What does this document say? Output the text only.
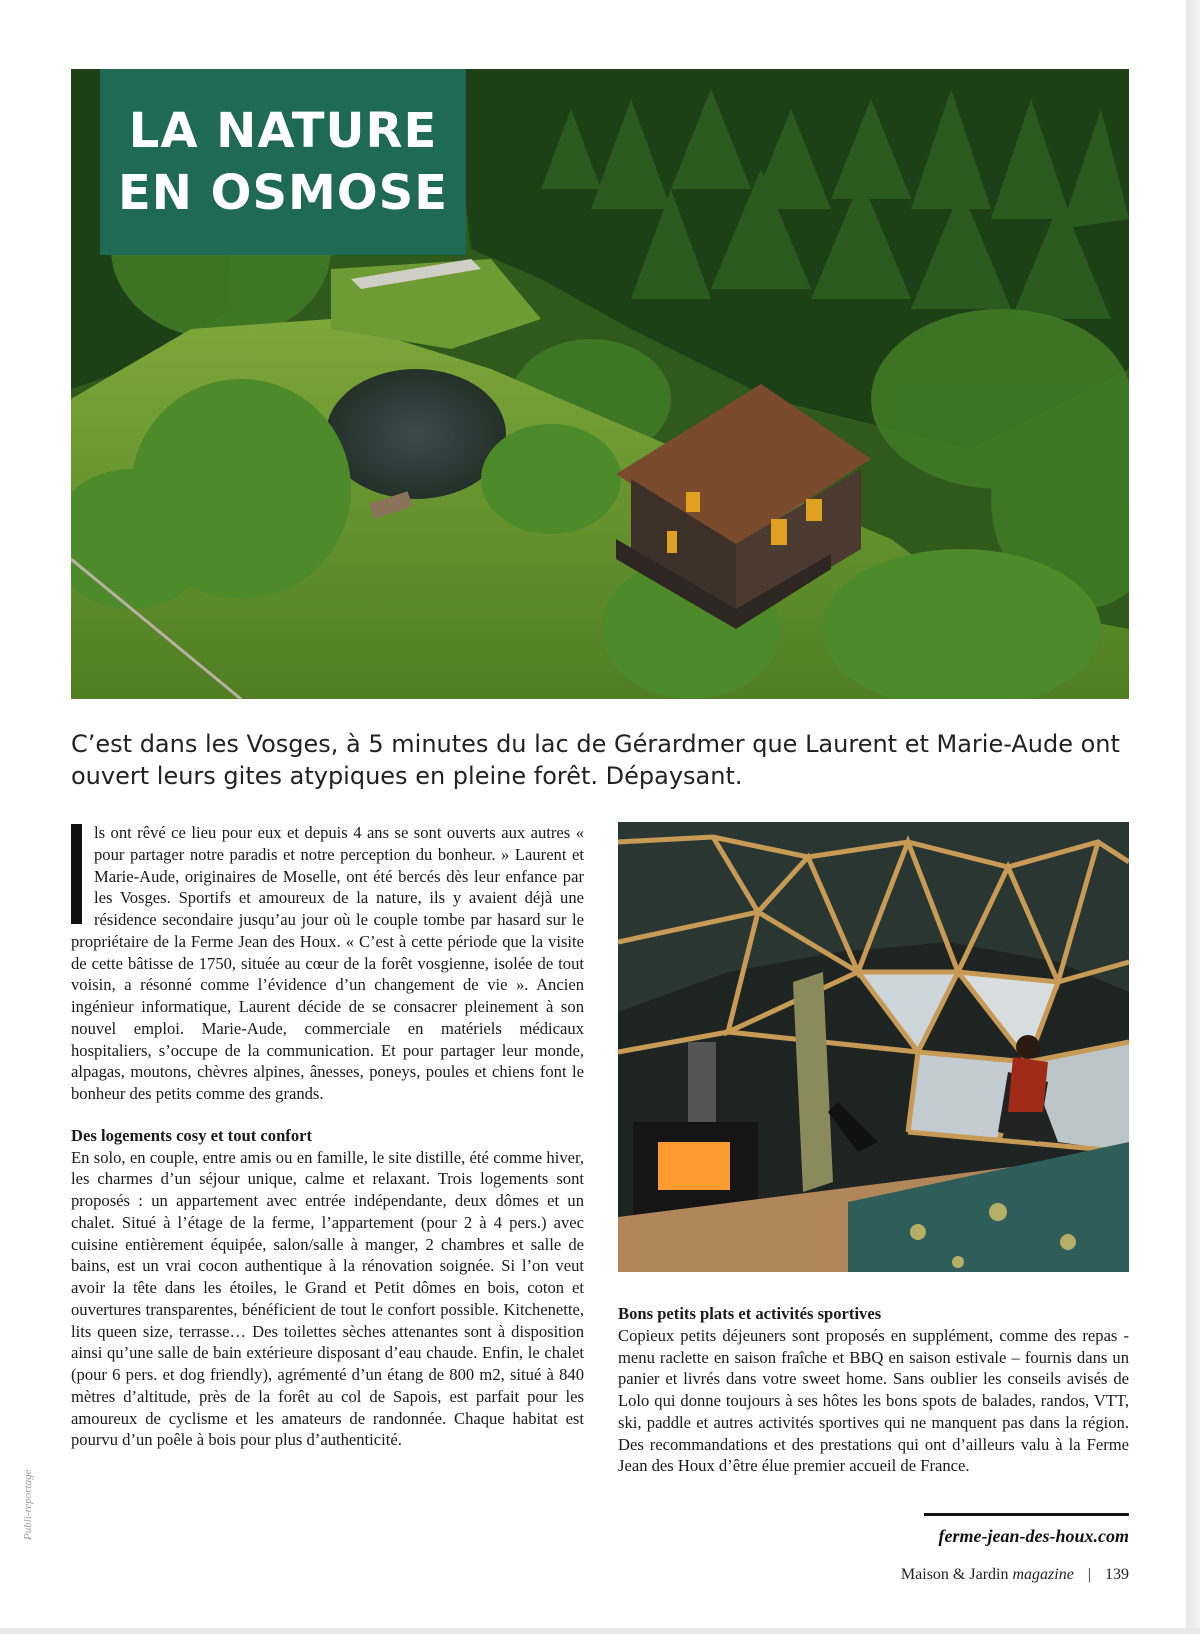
LA NATURE
EN OSMOSE
C’est dans les Vosges, à 5 minutes du lac de Gérardmer que Laurent et Marie-Aude ont ouvert leurs gites atypiques en pleine forêt. Dépaysant.

ls ont rêvé ce lieu pour eux et depuis 4 ans se sont ouverts aux autres « pour partager notre paradis et notre perception du bonheur. » Laurent et Marie-Aude, originaires de Moselle, ont été bercés dès leur enfance par les Vosges. Sportifs et amoureux de la nature, ils y avaient déjà une résidence secondaire jusqu’au jour où le couple tombe par hasard sur le propriétaire de la Ferme Jean des Houx. « C’est à cette période que la visite de cette bâtisse de 1750, située au cœur de la forêt vosgienne, isolée de tout voisin, a résonné comme l’évidence d’un changement de vie ». Ancien ingénieur informatique, Laurent décide de se consacrer pleinement à son nouvel emploi. Marie-Aude, commerciale en matériels médicaux hospitaliers, s’occupe de la communication. Et pour partager leur monde, alpagas, moutons, chèvres alpines, ânesses, poneys, poules et chiens font le bonheur des petits comme des grands.

Des logements cosy et tout confort

En solo, en couple, entre amis ou en famille, le site distille, été comme hiver, les charmes d’un séjour unique, calme et relaxant. Trois logements sont proposés : un appartement avec entrée indépendante, deux dômes et un chalet. Situé à l’étage de la ferme, l’appartement (pour 2 à 4 pers.) avec cuisine entièrement équipée, salon/salle à manger, 2 chambres et salle de bains, est un vrai cocon authentique à la rénovation soignée. Si l’on veut avoir la tête dans les étoiles, le Grand et Petit dômes en bois, coton et ouvertures transparentes, bénéficient de tout le confort possible. Kitchenette, lits queen size, terrasse… Des toilettes sèches attenantes sont à disposition ainsi qu’une salle de bain extérieure disposant d’eau chaude. Enfin, le chalet (pour 6 pers. et dog friendly), agrémenté d’un étang de 800 m2, situé à 840 mètres d’altitude, près de la forêt au col de Sapois, est parfait pour les amoureux de cyclisme et les amateurs de randonnée. Chaque habitat est pourvu d’un poêle à bois pour plus d’authenticité.

Bons petits plats et activités sportives

Copieux petits déjeuners sont proposés en supplément, comme des repas - menu raclette en saison fraîche et BBQ en saison estivale – fournis dans un panier et livrés dans votre sweet home. Sans oublier les conseils avisés de Lolo qui donne toujours à ses hôtes les bons spots de balades, randos, VTT, ski, paddle et autres activités sportives qui ne manquent pas dans la région. Des recommandations et des prestations qui ont d’ailleurs valu à la Ferme Jean des Houx d’être élue premier accueil de France.

ferme-jean-des-houx.com
Maison & Jardin magazine | 139
Publi-reportage
